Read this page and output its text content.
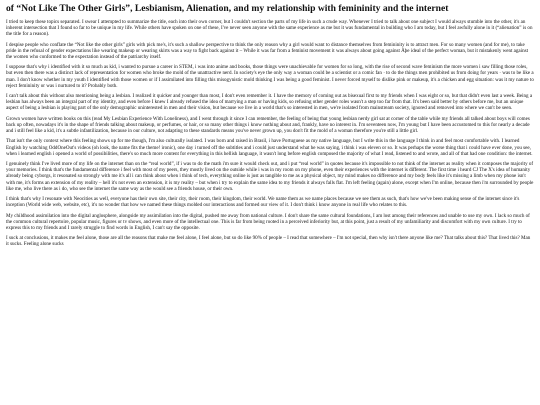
of “Not Like The Other Girls”, Lesbianism, Alienation, and my relationship with femininity and the internet

I tried to keep these topics separated. I swear I attempted to summarize the title, each into their own corner, but I couldn't section the parts of my life in such a crude way. Whenever I tried to talk about one subject I would always stumble into the other, it's an inherent intersection that I found so far to be unique in my life. While others have spoken on one of these, I've never seen anyone with the same experience as me but it was fundamental in building who I am today, but I feel awfully alone in it (“alienation” is on the title for a reason).

I despise people who conflate the “Not like the other girls” girls with pick me's, it's such a shallow perspective to think the only reason why a girl would want to distance themselves from femininity is to attract men. For so many women (and for me), to take pride in the refusal of gender expectations like wearing makeup or wearing skirts was a way to fight back against it – While it was far from a feminist movement it was always about going against Ãþe ideal of the perfect woman, but it mistakenly went against the women who conformed to the expectation instead of the patriarchy itself.

I suppose that's why i identified with it so much as kid, i wanted to pursue a career in STEM, i was into anime and books, those things were unachievable for women for so long, with the rise of second wave feminism the more women i saw filling those roles, but even then there was a distinct lack of representation for women who broke the mold of the unattractive nerd. In society's eye the only way a woman could be a scientist or a comic fan · to do the things men prohibited us from doing for years · was to be like a man. I don't know whether in my youth I identified with those women or if I assimilated into filling this misogynistic mold thinking I was being a good feminist. I never forced myself to dislike pink or makeup, it's a chicken and egg situation: was it my nature to reject femininity or was i nurtured to it? Probably both.

I can't talk about this without also mentioning being a lesbian. I realized it quicker and younger than most, I don't even remember it. I have the memory of coming out as bisexual first to my friends when I was eight or so, but that didn't even last a week. Being a lesbian has always been an integral part of my identity, and even before I knew I already refused the idea of marrying a man or having kids, so refusing other gender roles wasn't a step too far from that. It's been said better by others before me, but an unique aspect of being a lesbian is playing part of the only demographic uninterested in men and their vision, but because we live in a world that's so interested in men, we're isolated from mainstream society, ignored and removed into where we can't be seen.

Grown women have written books on this (read My Lesbian Experience With Loneliness), and I went through it since I can remember, the feeling of being that young lesbian nerdy girl sat at corner of the table while my friends all talked about boys will comes back up often, nowadays it's in the shape of friends talking about makeup, or perfumes, or hair, or so many other things i know nothing about and, frankly, have no interest in. I'm seventeen now, I'm young but I have been accustomed to this for nearly a decade and i still feel like a kid, it's a subtle infantilization, because in our culture, not adapting to these standards means you've never grown up, you don't fit the mold of a woman therefore you're still a little girl.

That isn't the only context where this feeling shows up for me though, I'm also culturally isolated. I was born and raised in Brasil, i have Portuguese as my native language, but I write this in the language I think in and feel most comfortable with. I learned English by watching OddOneOut's videos (oh look, the name fits the theme! ironic), one day i turned off the subtitles and i could just understand what he was saying, i think i was eleven or so. It was perhaps the worse thing that i could have ever done, you see, when i learned english i opened a world of possibilities, there's so much more content for everything in this hellish language, it wasn't long before english composed the majority of what I read, listened to and wrote, and all of that had one condition: the internet.

I genuinely think I've lived more of my life on the internet than on the “real world”, if i was to do the math i'm sure it would check out, and i put “real world” in quotes because it's impossible to not think of the internet as reality when it composes the majority of your memories. I think that's the fundamental difference i feel with most of my peers, they mostly lived on the outside while i was in my room on my phone, even their experiences with the internet is different. The first time i heard CJ The X's idea of humanity already being cyborgs, it resonated so strongly with me it's all i can think about when i think of tech, everything online is just as tangible to me as a physical object, my mind makes no difference and my body feels like it's missing a limb when my phone isn't with me, it's forms an extension of my reality – hell it's not even an extension, it is my reality – but when i try to explain the same idea to my friends it always falls flat. I'm left feeling (again) alone, except when I'm online, because then i'm surrounded by people like me, who live there as i do, who see the internet the same way as the would see a friends house, or their own.

I think that's why I resonate with Neocities as well, everyone has their own site, their city, their room, their kingdom, their world. We name them as we name places because we see them as such, that's how we've been making sense of the internet since it's inception (World wide web, website, etc), it's no wonder that how we named these things molded our interactions and formed our view of it. I don't think i know anyone in real life who relates to this.

My childhood assimilation into the digital anglosphere, alongside my assimilation into the digital, pushed me away from national culture. I don't share the same cultural foundations, I am lost among their references and unable to use my own. I lack so much of the common cultural repertoire, popular music, figures or tv shows, and even more of the intellectual one. This is far from being rooted in a perceived inferiority but, at this point, just a result of my unfamiliarity and discomfort with my own culture. I try to express this to my friends and I rarely struggle to find words in English, I can't say the opposite.

I suck at conclusions, it makes me feel alone, those are all the reasons that make me feel alone, I feel alone, but so do like 90% of people – I read that somewhere – I'm not special, then why isn't there anyone like me? That talks about this? That lived this? Man it sucks. Feeling alone sucks
